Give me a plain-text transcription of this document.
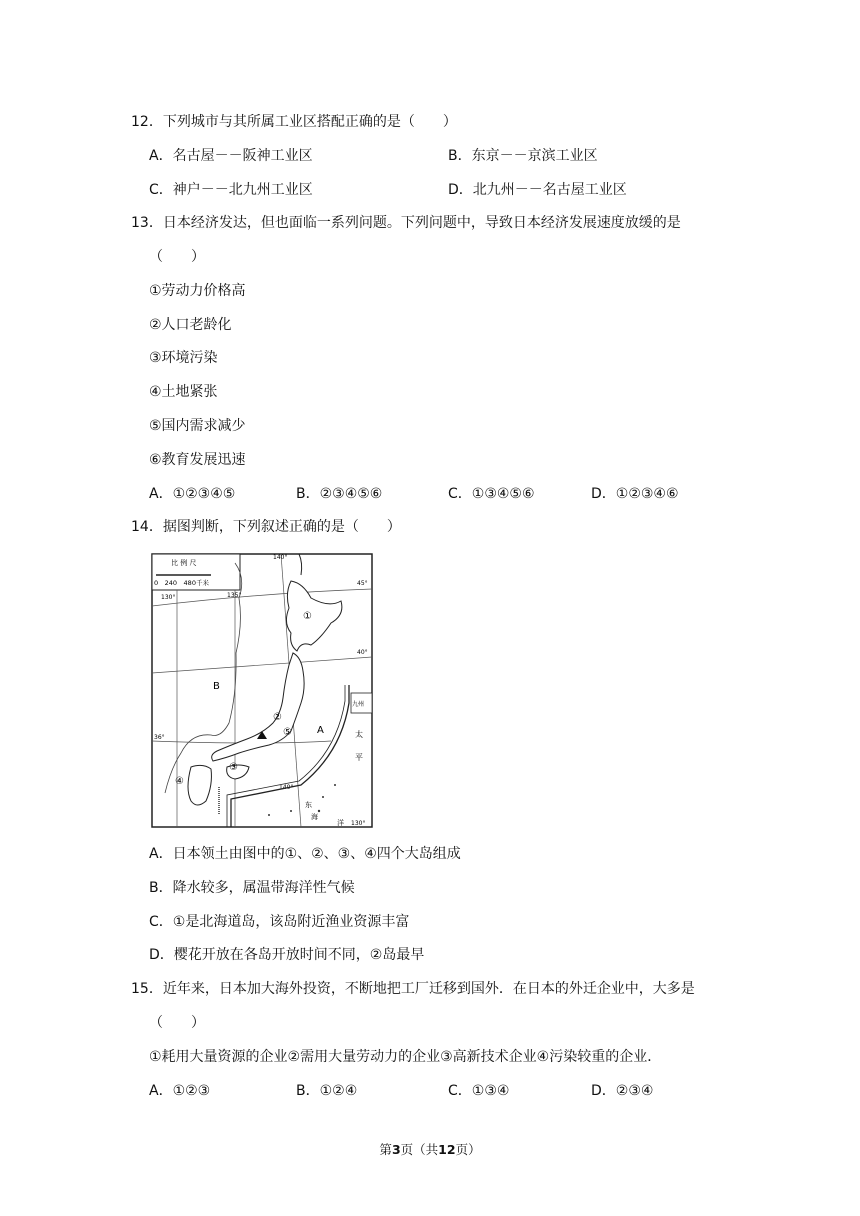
12．下列城市与其所属工业区搭配正确的是（　　）
A．名古屋－－阪神工业区	B．东京－－京滨工业区
C．神户－－北九州工业区	D．北九州－－名古屋工业区
13．日本经济发达，但也面临一系列问题。下列问题中，导致日本经济发展速度放缓的是
（　　）
①劳动力价格高
②人口老龄化
③环境污染
④土地紧张
⑤国内需求减少
⑥教育发展迅速
A．①②③④⑤	B．②③④⑤⑥	C．①③④⑤⑥	D．①②③④⑥
14．据图判断，下列叙述正确的是（　　）
比 例 尺
0　240　480千米
130°	135°
140°
140°
130°
45°
40°
36°
①
②
③
④
⑤
B
A
九州
太
平
东
海
洋
A．日本领土由图中的①、②、③、④四个大岛组成
B．降水较多，属温带海洋性气候
C．①是北海道岛，该岛附近渔业资源丰富
D．樱花开放在各岛开放时间不同，②岛最早
15．近年来，日本加大海外投资，不断地把工厂迁移到国外．在日本的外迁企业中，大多是
（　　）
①耗用大量资源的企业②需用大量劳动力的企业③高新技术企业④污染较重的企业．
A．①②③	B．①②④	C．①③④	D．②③④
第3页（共12页）
